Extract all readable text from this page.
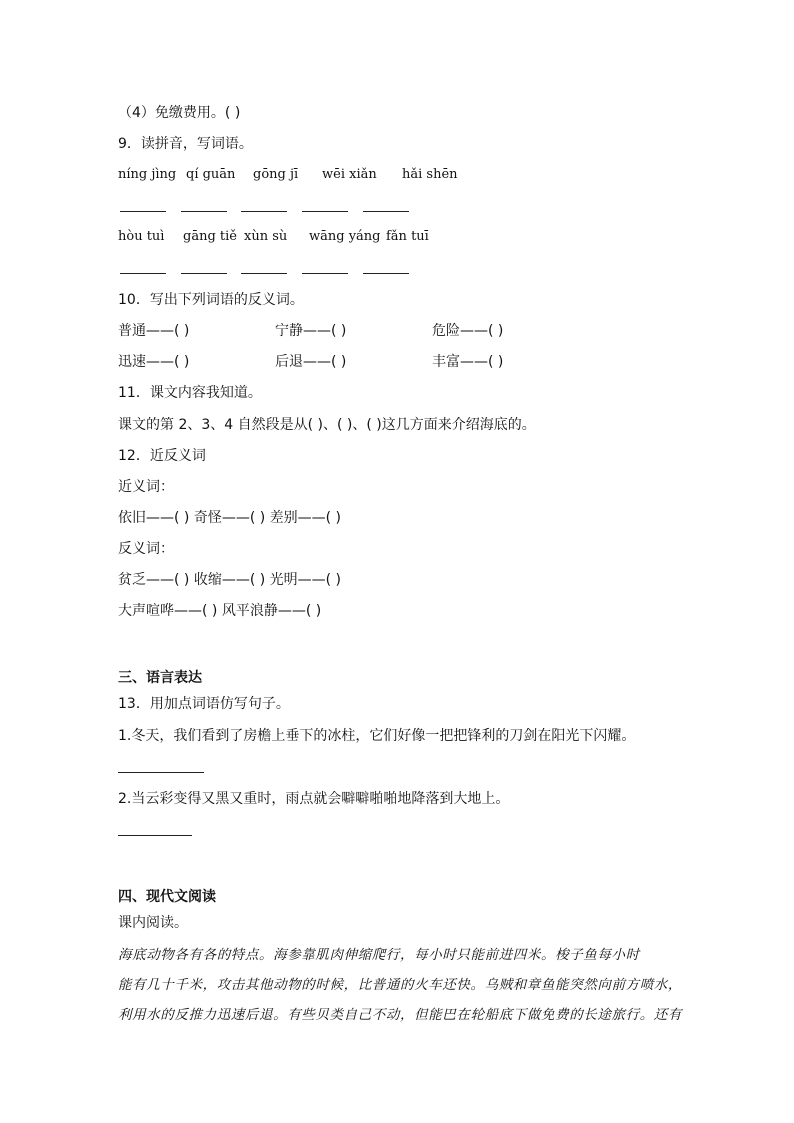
（4）免缴费用。( )
9．读拼音，写词语。
níng jìng qí guān gōng jī wēi xiǎn hǎi shēn
hòu tuì gāng tiě xùn sù wāng yáng fǎn tuī
10．写出下列词语的反义词。
普通——( )	宁静——( )	危险——( )
迅速——( )	后退——( )	丰富——( )
11．课文内容我知道。
课文的第 2、3、4 自然段是从( )、( )、( )这几方面来介绍海底的。
12．近反义词
近义词：
依旧——( ) 奇怪——( ) 差别——( )
反义词：
贫乏——( ) 收缩——( ) 光明——( )
大声喧哗——( ) 风平浪静——( )
三、语言表达
13．用加点词语仿写句子。
1.冬天，我们看到了房檐上垂下的冰柱，它们好像一把把锋利的刀剑在阳光下闪耀。
2.当云彩变得又黑又重时，雨点就会噼噼啪啪地降落到大地上。
四、现代文阅读
课内阅读。
海底动物各有各的特点。海参靠肌肉伸缩爬行，每小时只能前进四米。梭子鱼每小时
能有几十千米，攻击其他动物的时候，比普通的火车还快。乌贼和章鱼能突然向前方喷水，
利用水的反推力迅速后退。有些贝类自己不动，但能巴在轮船底下做免费的长途旅行。还有
